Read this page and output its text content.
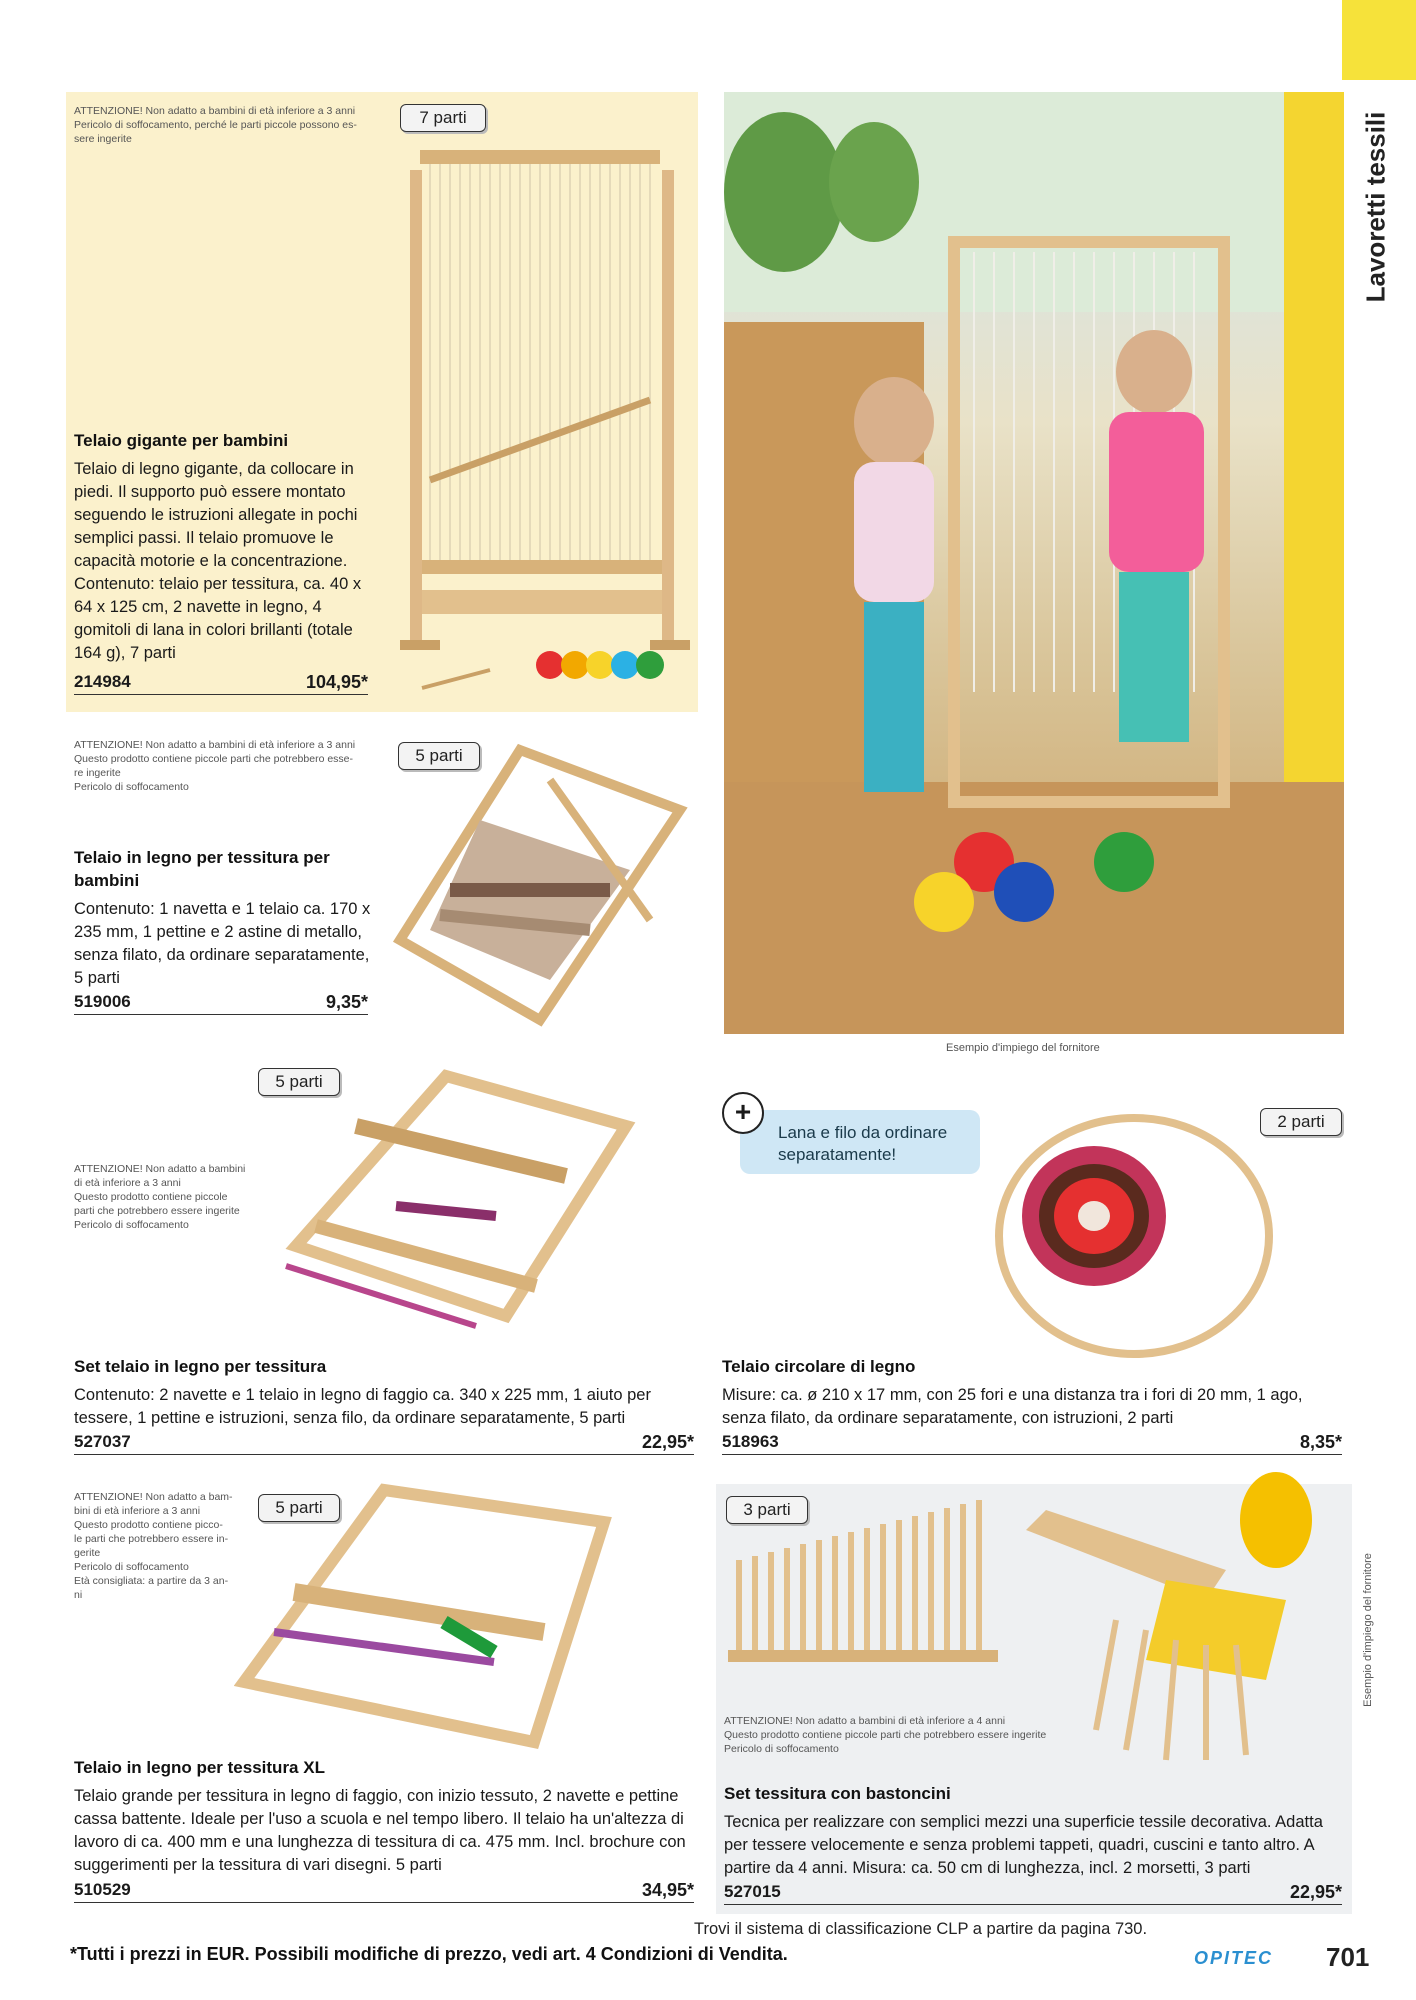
Lavoretti tessili
Esempio d'impiego del fornitore
ATTENZIONE! Non adatto a bambini di età inferiore a 3 anni
Pericolo di soffocamento, perché le parti piccole possono es-
sere ingerite
7 parti
Telaio gigante per bambini
Telaio di legno gigante, da collocare in piedi. Il supporto può essere montato seguendo le istruzioni allegate in pochi semplici passi. Il telaio promuove le capacità motorie e la concentrazione. Contenuto: telaio per tessitura, ca. 40 x 64 x 125 cm, 2 navette in legno, 4 gomitoli di lana in colori brillanti (totale 164 g), 7 parti
214984	104,95*
Esempio d'impiego del fornitore
ATTENZIONE! Non adatto a bambini di età inferiore a 3 anni
Questo prodotto contiene piccole parti che potrebbero esse-
re ingerite
Pericolo di soffocamento
5 parti
Telaio in legno per tessitura per bambini
Contenuto: 1 navetta e 1 telaio ca. 170 x 235 mm, 1 pettine e 2 astine di metallo, senza filato, da ordinare separatamente, 5 parti
519006	9,35*
5 parti
ATTENZIONE! Non adatto a bambini
di età inferiore a 3 anni
Questo prodotto contiene piccole
parti che potrebbero essere ingerite
Pericolo di soffocamento
Set telaio in legno per tessitura
Contenuto: 2 navette e 1 telaio in legno di faggio ca. 340 x 225 mm, 1 aiuto per tessere, 1 pettine e istruzioni, senza filo, da ordinare separatamente, 5 parti
527037	22,95*
Lana e filo da ordinare separatamente!
+	2 parti
Telaio circolare di legno
Misure: ca. ø 210 x 17 mm, con 25 fori e una distanza tra i fori di 20 mm, 1 ago, senza filato, da ordinare separatamente, con istruzioni, 2 parti
518963	8,35*
ATTENZIONE! Non adatto a bam-
bini di età inferiore a 3 anni
Questo prodotto contiene picco-
le parti che potrebbero essere in-
gerite
Pericolo di soffocamento
Età consigliata: a partire da 3 an-
ni
5 parti
Telaio in legno per tessitura XL
Telaio grande per tessitura in legno di faggio, con inizio tessuto, 2 navette e pettine cassa battente. Ideale per l'uso a scuola e nel tempo libero. Il telaio ha un'altezza di lavoro di ca. 400 mm e una lunghezza di tessitura di ca. 475 mm. Incl. brochure con suggerimenti per la tessitura di vari disegni. 5 parti
510529	34,95*
3 parti
ATTENZIONE! Non adatto a bambini di età inferiore a 4 anni
Questo prodotto contiene piccole parti che potrebbero essere ingerite
Pericolo di soffocamento
Set tessitura con bastoncini
Tecnica per realizzare con semplici mezzi una superficie tessile decorativa. Adatta per tessere velocemente e senza problemi tappeti, quadri, cuscini e tanto altro. A partire da 4 anni. Misura: ca. 50 cm di lunghezza, incl. 2 morsetti, 3 parti
527015	22,95*
Trovi il sistema di classificazione CLP a partire da pagina 730.
*Tutti i prezzi in EUR. Possibili modifiche di prezzo, vedi art. 4 Condizioni di Vendita.	OPITEC 701
